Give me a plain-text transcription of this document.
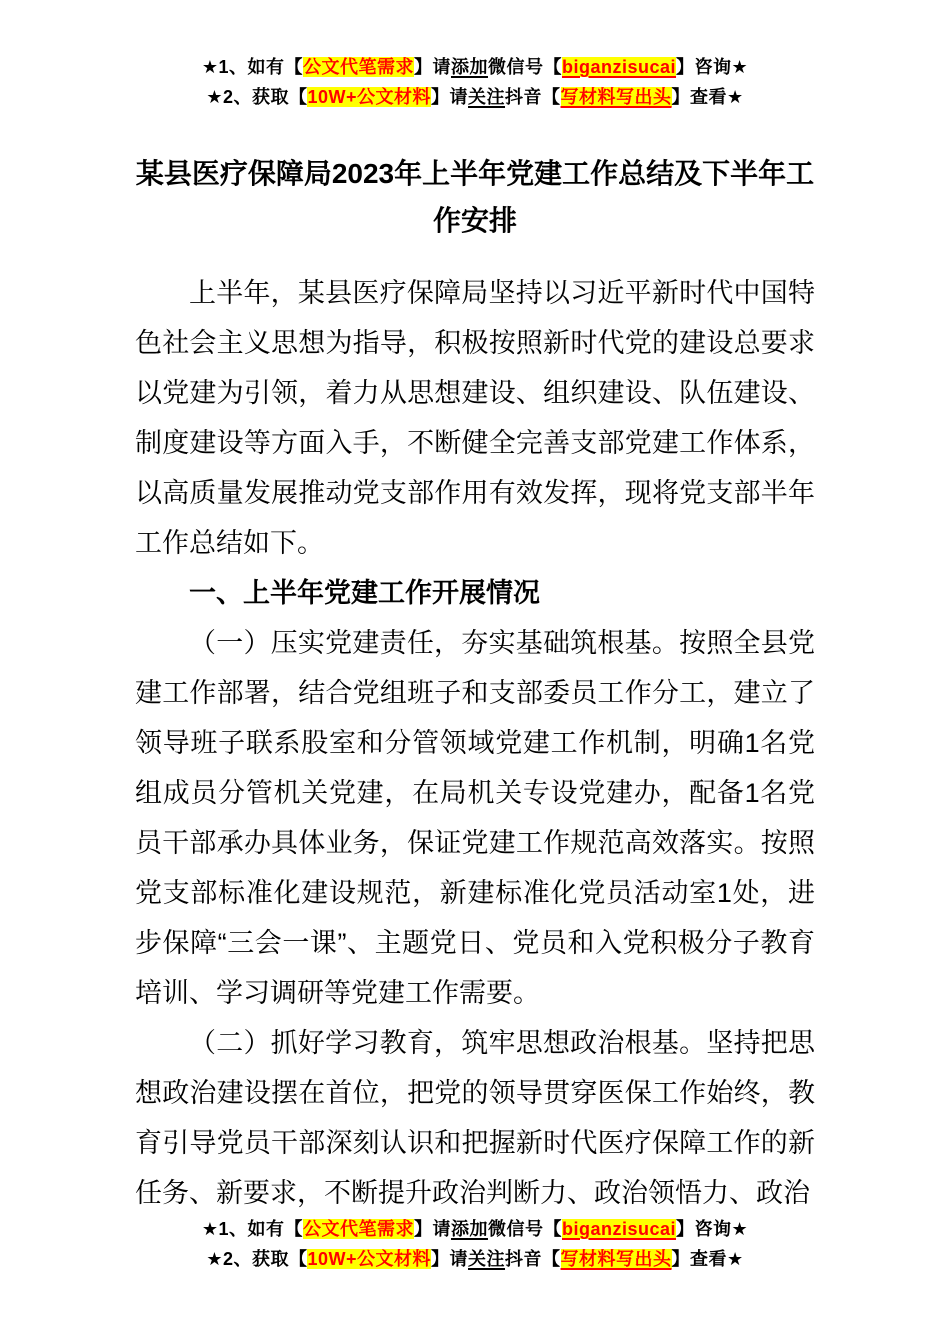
★1、如有【公文代笔需求】请添加微信号【biganzisucai】咨询★
★2、获取【10W+公文材料】请关注抖音【写材料写出头】查看★
某县医疗保障局2023年上半年党建工作总结及下半年工作安排

上半年，某县医疗保障局坚持以习近平新时代中国特色社会主义思想为指导，积极按照新时代党的建设总要求以党建为引领，着力从思想建设、组织建设、队伍建设、制度建设等方面入手，不断健全完善支部党建工作体系，以高质量发展推动党支部作用有效发挥，现将党支部半年工作总结如下。

一、上半年党建工作开展情况

（一）压实党建责任，夯实基础筑根基。按照全县党建工作部署，结合党组班子和支部委员工作分工，建立了领导班子联系股室和分管领域党建工作机制，明确1名党组成员分管机关党建，在局机关专设党建办，配备1名党员干部承办具体业务，保证党建工作规范高效落实。按照党支部标准化建设规范，新建标准化党员活动室1处，进步保障“三会一课”、主题党日、党员和入党积极分子教育培训、学习调研等党建工作需要。

（二）抓好学习教育，筑牢思想政治根基。坚持把思想政治建设摆在首位，把党的领导贯穿医保工作始终，教育引导党员干部深刻认识和把握新时代医疗保障工作的新任务、新要求，不断提升政治判断力、政治领悟力、政治

★1、如有【公文代笔需求】请添加微信号【biganzisucai】咨询★
★2、获取【10W+公文材料】请关注抖音【写材料写出头】查看★
